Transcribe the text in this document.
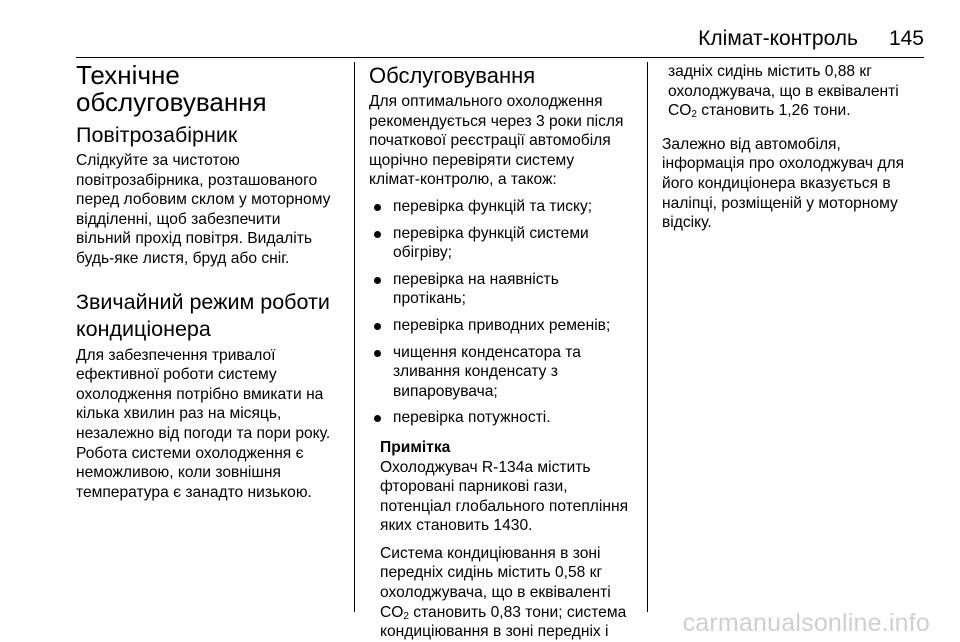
Клімат-контроль 145
Технічне
обслуговування
Повітрозабірник

Слідкуйте за чистотою
повітрозабірника, розташованого
перед лобовим склом у моторному
відділенні, щоб забезпечити
вільний прохід повітря. Видаліть
будь-яке листя, бруд або сніг.

Звичайний режим роботи
кондиціонера

Для забезпечення тривалої
ефективної роботи систему
охолодження потрібно вмикати на
кілька хвилин раз на місяць,
незалежно від погоди та пори року.
Робота системи охолодження є
неможливою, коли зовнішня
температура є занадто низькою.

Обслуговування

Для оптимального охолодження
рекомендується через 3 роки після
початкової реєстрації автомобіля
щорічно перевіряти систему
клімат-контролю, а також:

перевірка функцій та тиску;
перевірка функцій системи
обігріву;
перевірка на наявність
протікань;
перевірка приводних ременів;
чищення конденсатора та
зливання конденсату з
випаровувача;
перевірка потужності.
Примітка

Охолоджувач R-134a містить
фторовані парникові гази,
потенціал глобального потепління
яких становить 1430.

Система кондиціювання в зоні
передніх сидінь містить 0,58 кг
охолоджувача, що в еквіваленті
$CO_2$ становить 0,83 тони; система
кондиціювання в зоні передніх і

задніх сидінь містить 0,88 кг
охолоджувача, що в еквіваленті
$CO_2$ становить 1,26 тони.

Залежно від автомобіля,
інформація про охолоджувач для
його кондиціонера вказується в
наліпці, розміщеній у моторному
відсіку.

carmanualsonline.info
